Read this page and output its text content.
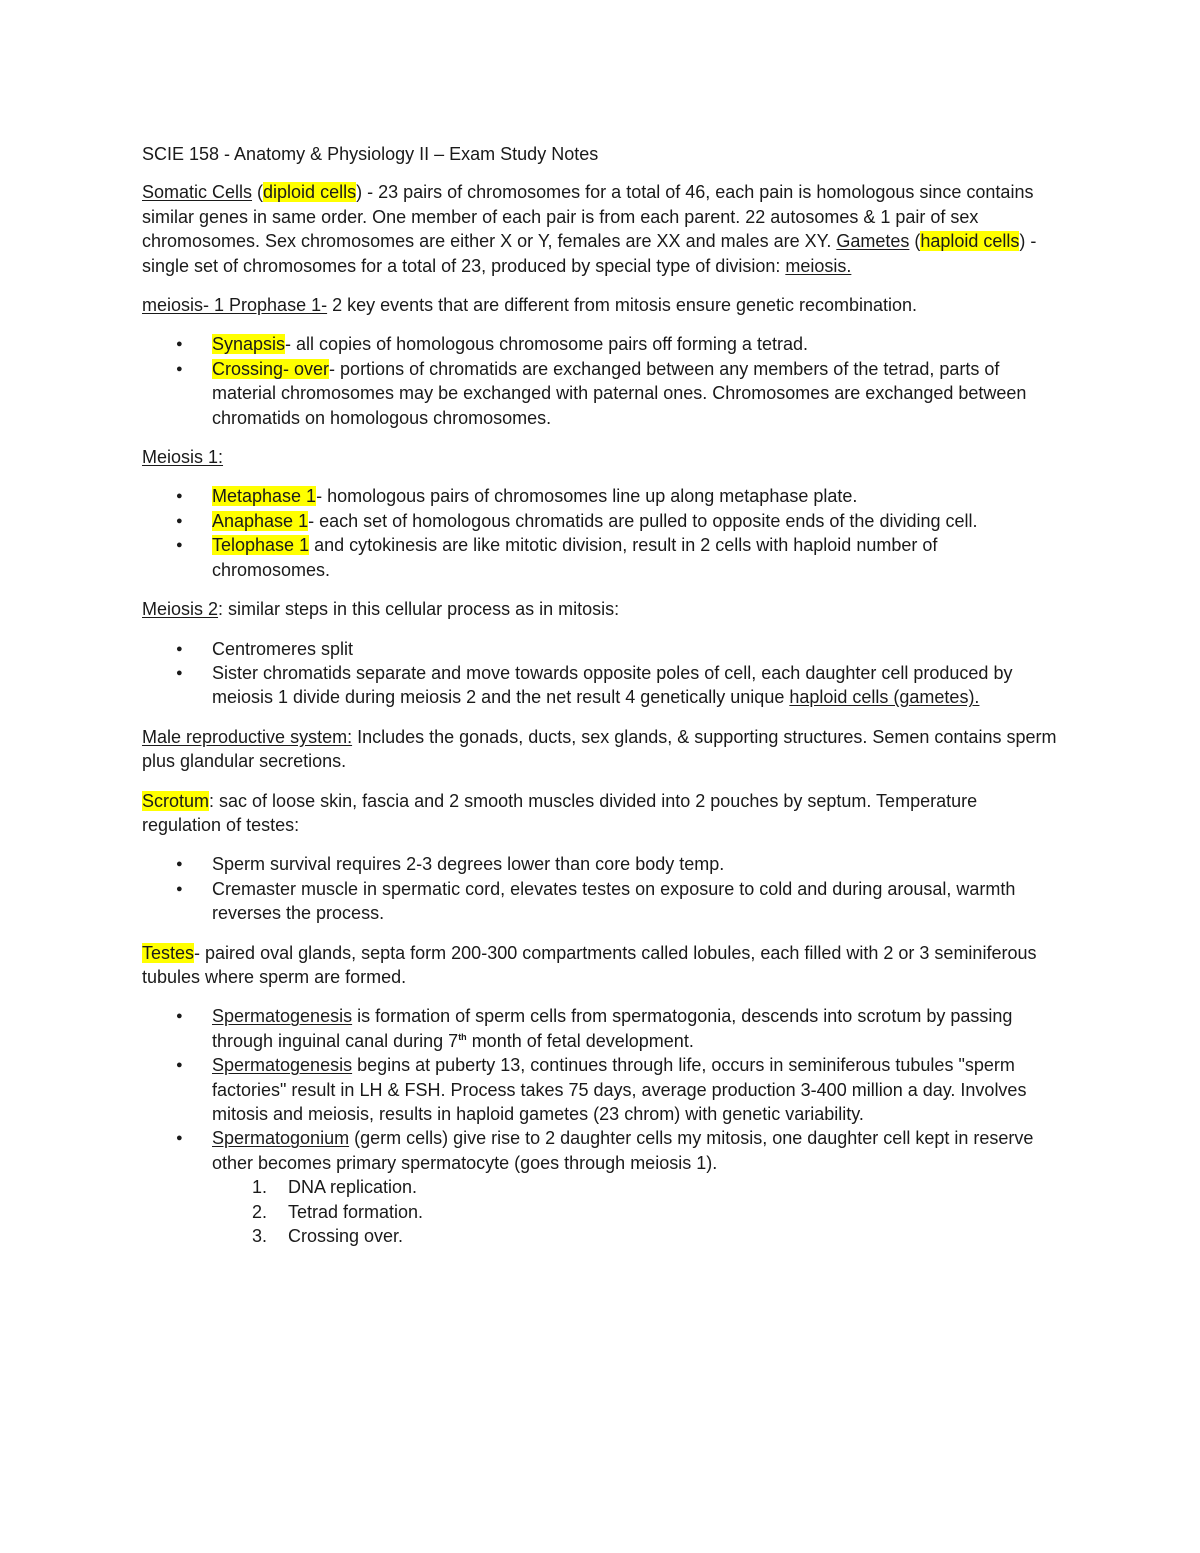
SCIE 158 - Anatomy & Physiology II – Exam Study Notes

Somatic Cells (diploid cells) - 23 pairs of chromosomes for a total of 46, each pain is homologous since contains similar genes in same order. One member of each pair is from each parent. 22 autosomes & 1 pair of sex chromosomes. Sex chromosomes are either X or Y, females are XX and males are XY. Gametes (haploid cells) - single set of chromosomes for a total of 23, produced by special type of division: meiosis.

meiosis- 1 Prophase 1- 2 key events that are different from mitosis ensure genetic recombination.

● Synapsis- all copies of homologous chromosome pairs off forming a tetrad.
● Crossing- over- portions of chromatids are exchanged between any members of the tetrad, parts of material chromosomes may be exchanged with paternal ones. Chromosomes are exchanged between chromatids on homologous chromosomes.

Meiosis 1:

● Metaphase 1- homologous pairs of chromosomes line up along metaphase plate.
● Anaphase 1- each set of homologous chromatids are pulled to opposite ends of the dividing cell.
● Telophase 1 and cytokinesis are like mitotic division, result in 2 cells with haploid number of chromosomes.

Meiosis 2: similar steps in this cellular process as in mitosis:

● Centromeres split
● Sister chromatids separate and move towards opposite poles of cell, each daughter cell produced by meiosis 1 divide during meiosis 2 and the net result 4 genetically unique haploid cells (gametes).

Male reproductive system: Includes the gonads, ducts, sex glands, & supporting structures. Semen contains sperm plus glandular secretions.

Scrotum: sac of loose skin, fascia and 2 smooth muscles divided into 2 pouches by septum. Temperature regulation of testes:

● Sperm survival requires 2-3 degrees lower than core body temp.
● Cremaster muscle in spermatic cord, elevates testes on exposure to cold and during arousal, warmth reverses the process.

Testes- paired oval glands, septa form 200-300 compartments called lobules, each filled with 2 or 3 seminiferous tubules where sperm are formed.

● Spermatogenesis is formation of sperm cells from spermatogonia, descends into scrotum by passing through inguinal canal during 7th month of fetal development.
● Spermatogenesis begins at puberty 13, continues through life, occurs in seminiferous tubules "sperm factories" result in LH & FSH. Process takes 75 days, average production 3-400 million a day. Involves mitosis and meiosis, results in haploid gametes (23 chrom) with genetic variability.
● Spermatogonium (germ cells) give rise to 2 daughter cells my mitosis, one daughter cell kept in reserve other becomes primary spermatocyte (goes through meiosis 1).
1. DNA replication.
2. Tetrad formation.
3. Crossing over.
